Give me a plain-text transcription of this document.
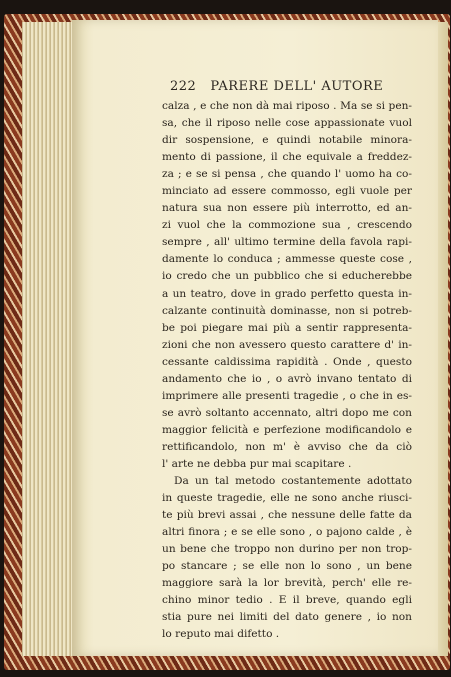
222 PARERE DELL' AUTORE
calza , e che non dà mai riposo . Ma se si pen-
sa, che il riposo nelle cose appassionate vuol
dir sospensione, e quindi notabile minora-
mento di passione, il che equivale a freddez-
za ; e se si pensa , che quando l' uomo ha co-
minciato ad essere commosso, egli vuole per
natura sua non essere più interrotto, ed an-
zi vuol che la commozione sua , crescendo
sempre , all' ultimo termine della favola rapi-
damente lo conduca ; ammesse queste cose ,
io credo che un pubblico che si educherebbe
a un teatro, dove in grado perfetto questa in-
calzante continuità dominasse, non si potreb-
be poi piegare mai più a sentir rappresenta-
zioni che non avessero questo carattere d' in-
cessante caldissima rapidità . Onde , questo
andamento che io , o avrò invano tentato di
imprimere alle presenti tragedie , o che in es-
se avrò soltanto accennato, altri dopo me con
maggior felicità e perfezione modificandolo e
rettificandolo, non m' è avviso che da ciò
l' arte ne debba pur mai scapitare .
Da un tal metodo costantemente adottato
in queste tragedie, elle ne sono anche riusci-
te più brevi assai , che nessune delle fatte da
altri finora ; e se elle sono , o pajono calde , è
un bene che troppo non durino per non trop-
po stancare ; se elle non lo sono , un bene
maggiore sarà la lor brevità, perch' elle re-
chino minor tedio . E il breve, quando egli
stia pure nei limiti del dato genere , io non
lo reputo mai difetto .
